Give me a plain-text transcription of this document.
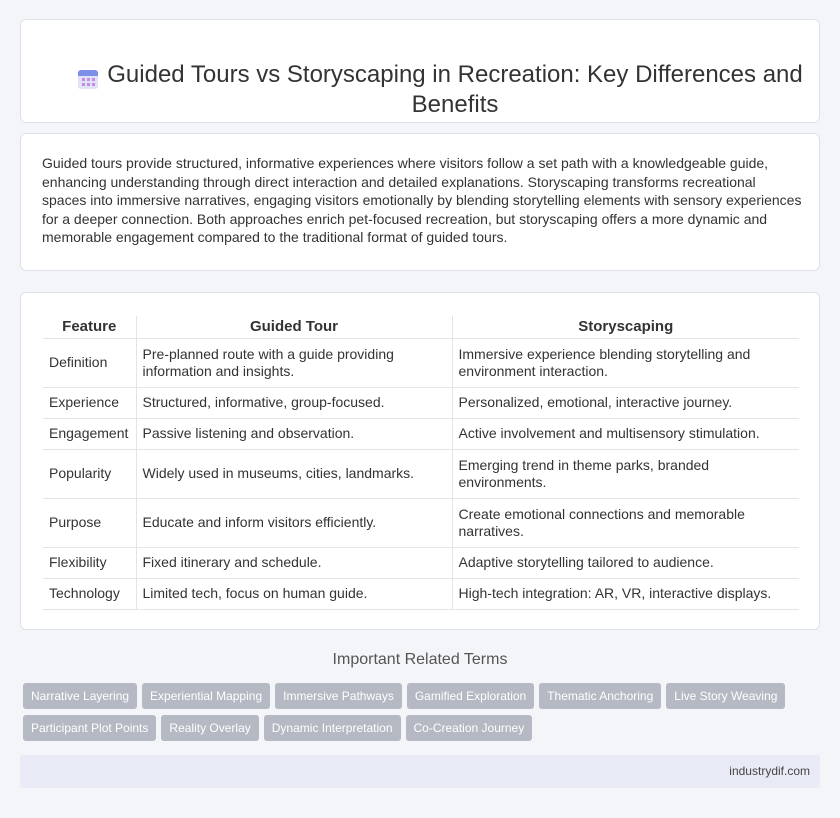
Guided Tours vs Storyscaping in Recreation: Key Differences and Benefits

Guided tours provide structured, informative experiences where visitors follow a set path with a knowledgeable guide, enhancing understanding through direct interaction and detailed explanations. Storyscaping transforms recreational spaces into immersive narratives, engaging visitors emotionally by blending storytelling elements with sensory experiences for a deeper connection. Both approaches enrich pet-focused recreation, but storyscaping offers a more dynamic and memorable engagement compared to the traditional format of guided tours.

Feature	Guided Tour	Storyscaping
Definition	Pre-planned route with a guide providing information and insights.	Immersive experience blending storytelling and environment interaction.
Experience	Structured, informative, group-focused.	Personalized, emotional, interactive journey.
Engagement	Passive listening and observation.	Active involvement and multisensory stimulation.
Popularity	Widely used in museums, cities, landmarks.	Emerging trend in theme parks, branded environments.
Purpose	Educate and inform visitors efficiently.	Create emotional connections and memorable narratives.
Flexibility	Fixed itinerary and schedule.	Adaptive storytelling tailored to audience.
Technology	Limited tech, focus on human guide.	High-tech integration: AR, VR, interactive displays.
Important Related Terms
Narrative Layering Experiential Mapping Immersive Pathways Gamified Exploration Thematic Anchoring Live Story Weaving
Participant Plot Points Reality Overlay Dynamic Interpretation Co-Creation Journey
industrydif.com
